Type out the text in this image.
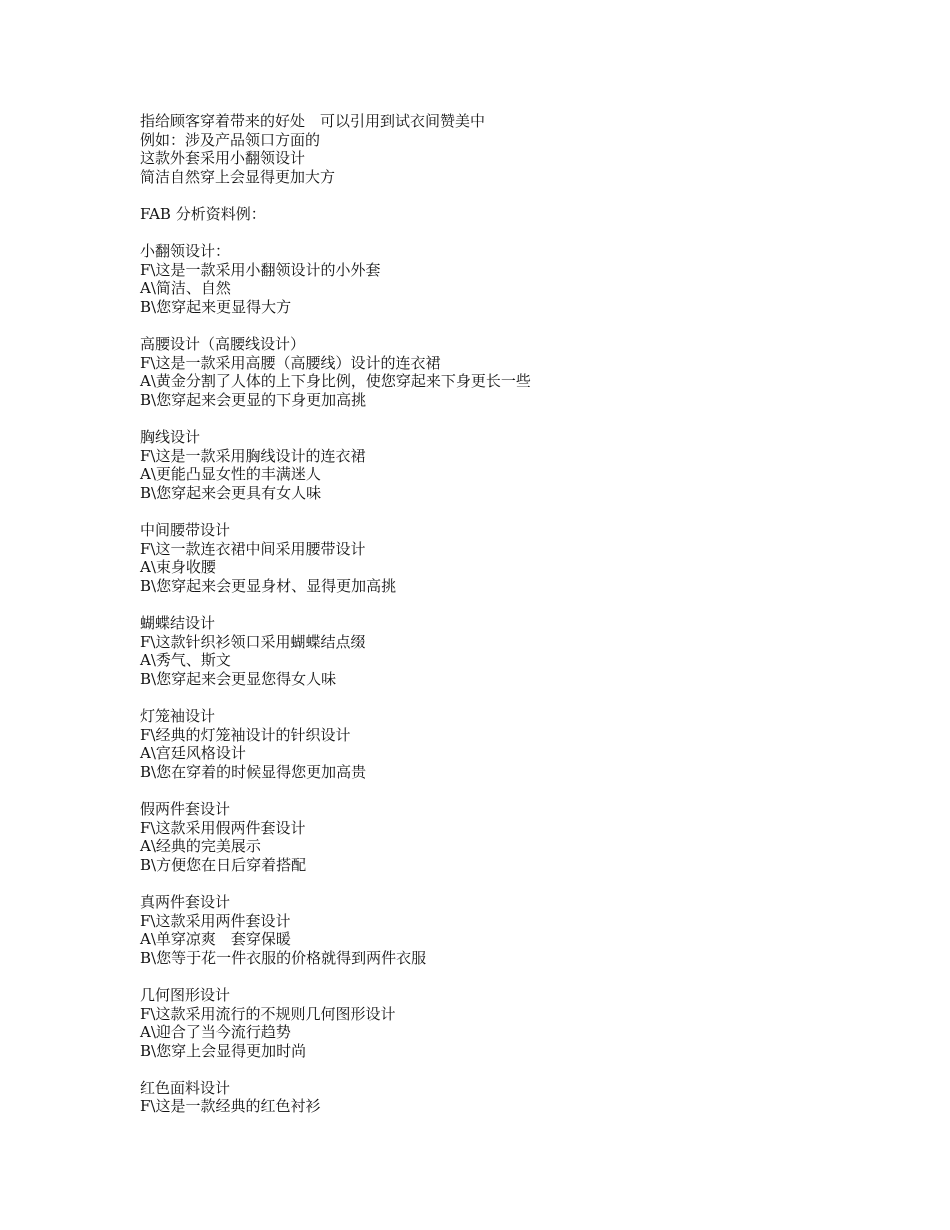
指给顾客穿着带来的好处　可以引用到试衣间赞美中
例如：涉及产品领口方面的
这款外套采用小翻领设计
简洁自然穿上会显得更加大方
FAB 分析资料例：
小翻领设计：
F\这是一款采用小翻领设计的小外套
A\简洁、自然
B\您穿起来更显得大方
高腰设计（高腰线设计）
F\这是一款采用高腰（高腰线）设计的连衣裙
A\黄金分割了人体的上下身比例，使您穿起来下身更长一些
B\您穿起来会更显的下身更加高挑
胸线设计
F\这是一款采用胸线设计的连衣裙
A\更能凸显女性的丰满迷人
B\您穿起来会更具有女人味
中间腰带设计
F\这一款连衣裙中间采用腰带设计
A\束身收腰
B\您穿起来会更显身材、显得更加高挑
蝴蝶结设计
F\这款针织衫领口采用蝴蝶结点缀
A\秀气、斯文
B\您穿起来会更显您得女人味
灯笼袖设计
F\经典的灯笼袖设计的针织设计
A\宫廷风格设计
B\您在穿着的时候显得您更加高贵
假两件套设计
F\这款采用假两件套设计
A\经典的完美展示
B\方便您在日后穿着搭配
真两件套设计
F\这款采用两件套设计
A\单穿凉爽　套穿保暖
B\您等于花一件衣服的价格就得到两件衣服
几何图形设计
F\这款采用流行的不规则几何图形设计
A\迎合了当今流行趋势
B\您穿上会显得更加时尚
红色面料设计
F\这是一款经典的红色衬衫
